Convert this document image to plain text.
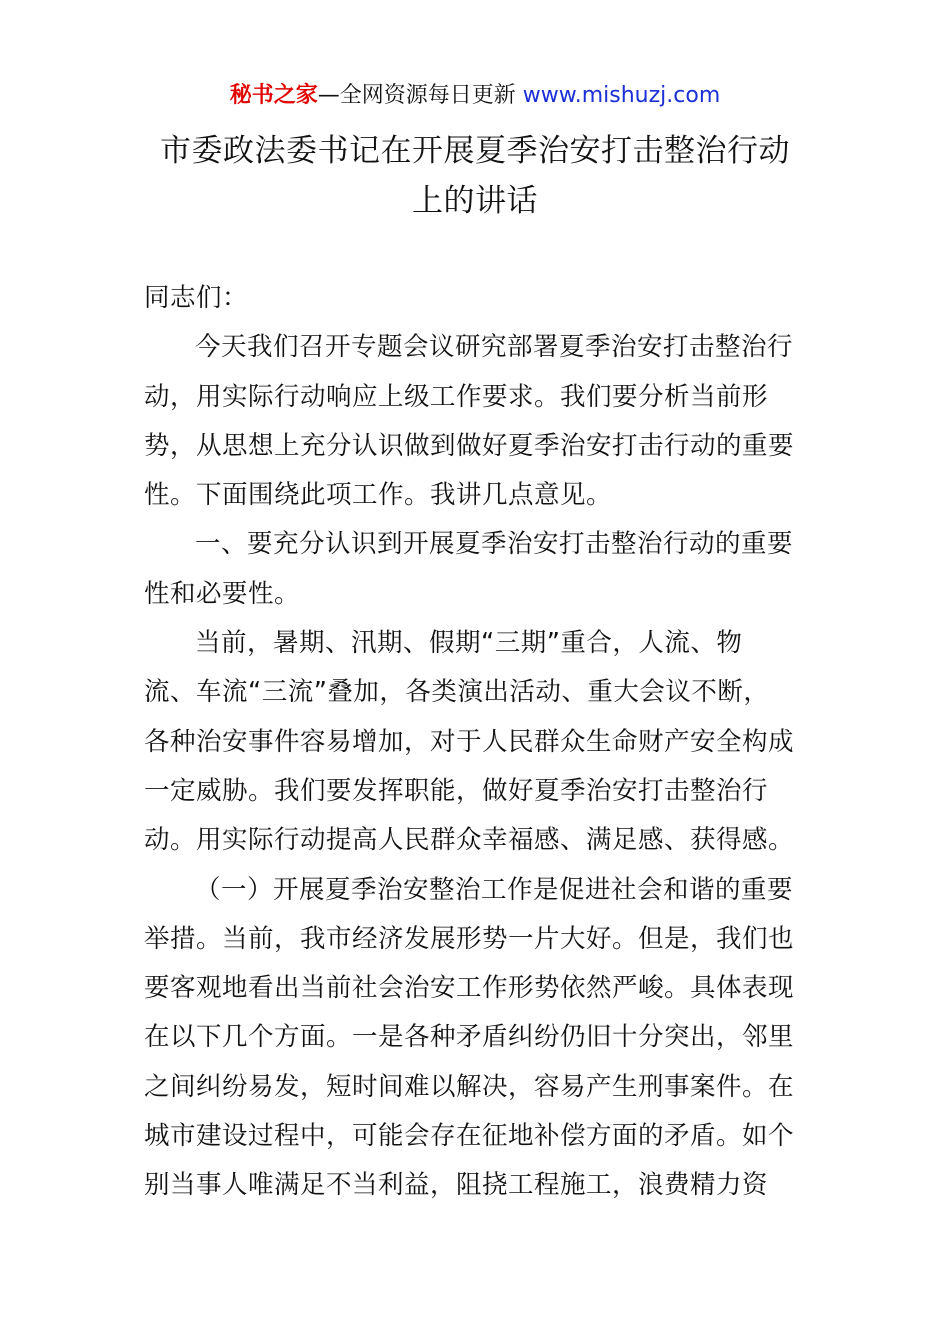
秘书之家—全网资源每日更新 www.mishuzj.com
市委政法委书记在开展夏季治安打击整治行动
上的讲话
同志们：
今天我们召开专题会议研究部署夏季治安打击整治行
动，用实际行动响应上级工作要求。我们要分析当前形
势，从思想上充分认识做到做好夏季治安打击行动的重要
性。下面围绕此项工作。我讲几点意见。
一、要充分认识到开展夏季治安打击整治行动的重要
性和必要性。
当前，暑期、汛期、假期“三期”重合，人流、物
流、车流“三流”叠加，各类演出活动、重大会议不断，
各种治安事件容易增加，对于人民群众生命财产安全构成
一定威胁。我们要发挥职能，做好夏季治安打击整治行
动。用实际行动提高人民群众幸福感、满足感、获得感。
（一）开展夏季治安整治工作是促进社会和谐的重要
举措。当前，我市经济发展形势一片大好。但是，我们也
要客观地看出当前社会治安工作形势依然严峻。具体表现
在以下几个方面。一是各种矛盾纠纷仍旧十分突出，邻里
之间纠纷易发，短时间难以解决，容易产生刑事案件。在
城市建设过程中，可能会存在征地补偿方面的矛盾。如个
别当事人唯满足不当利益，阻挠工程施工，浪费精力资
